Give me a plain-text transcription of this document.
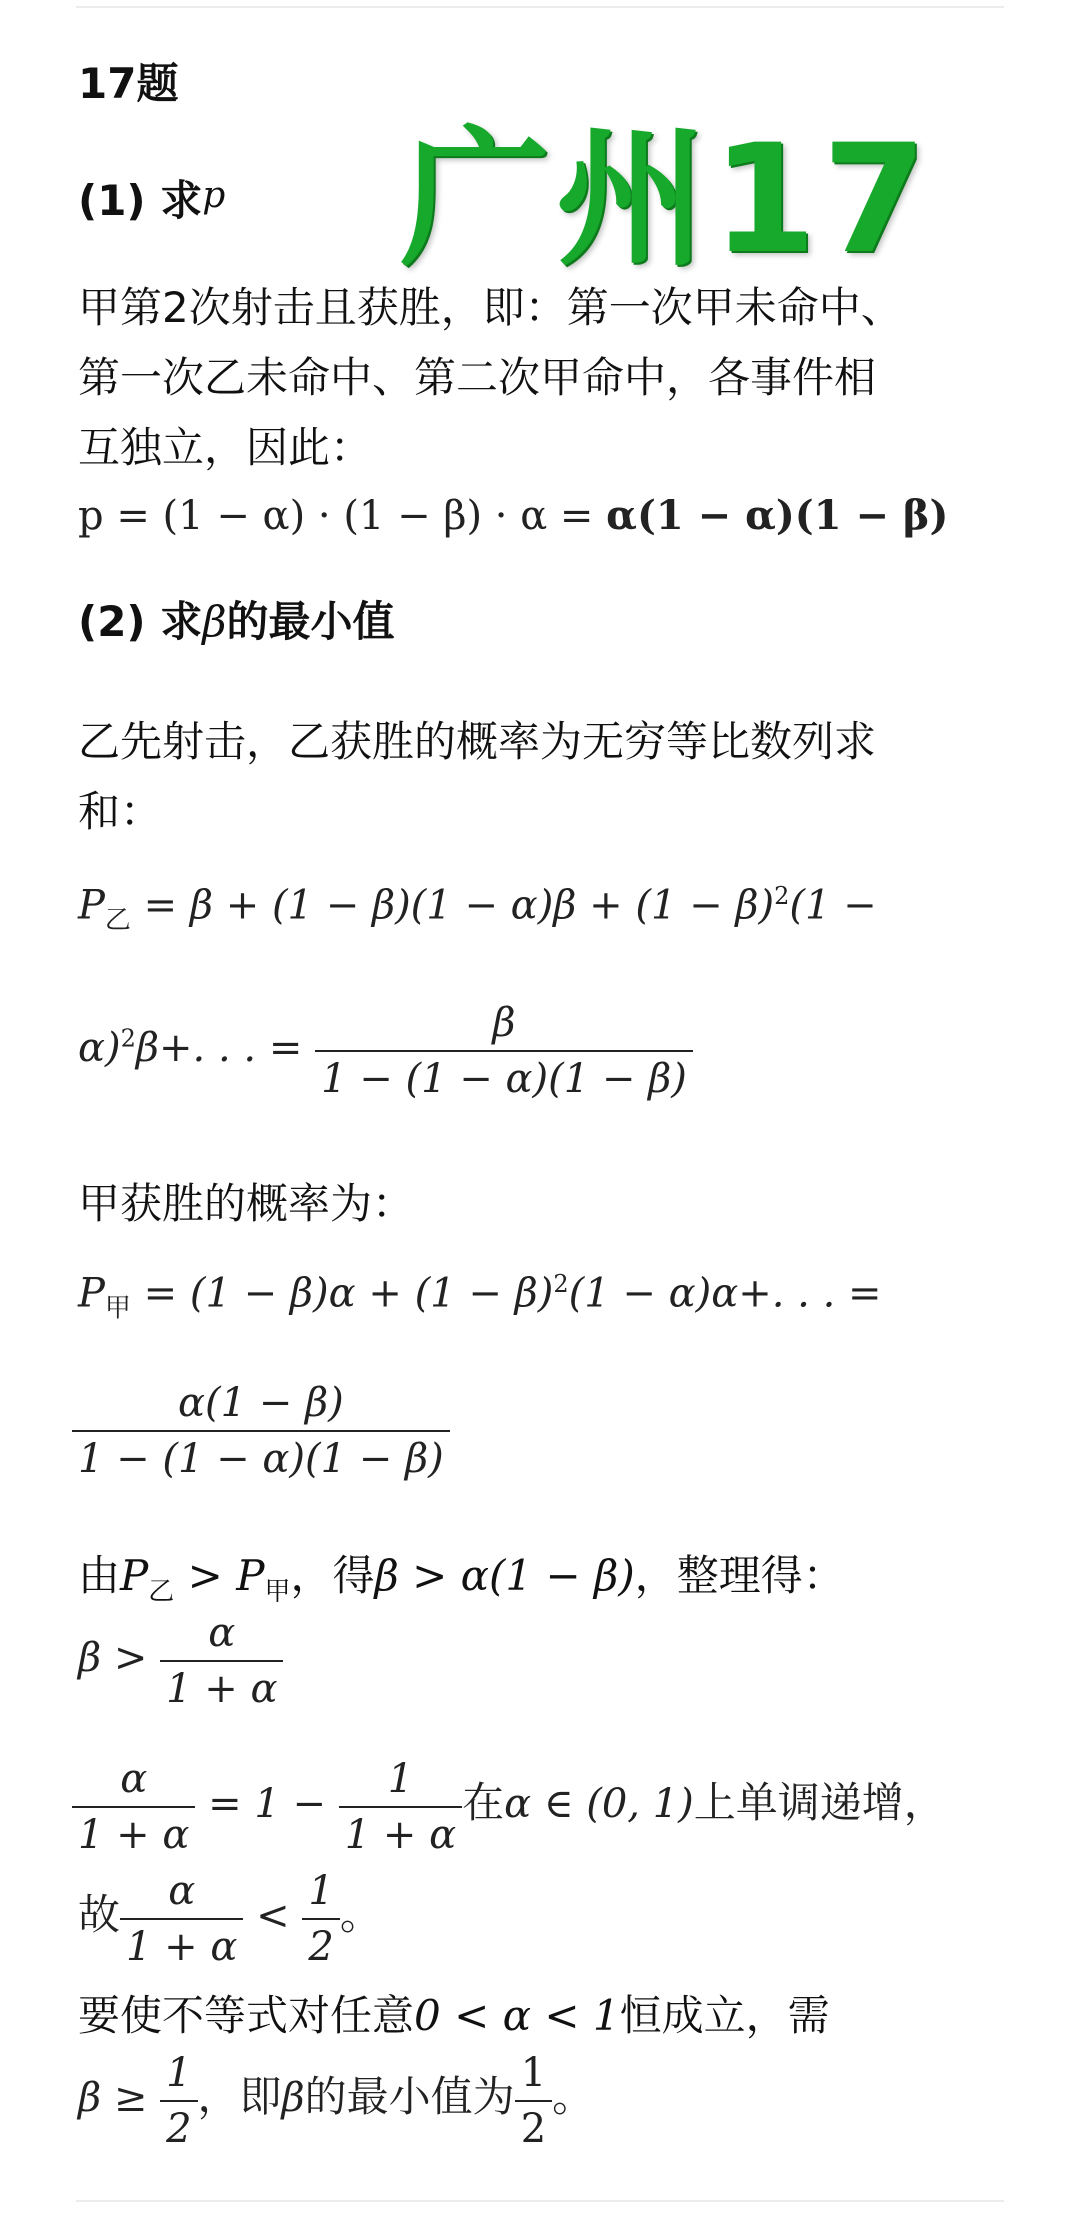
17题
广州17
(1) 求p
甲第2次射击且获胜，即：第一次甲未命中、
第一次乙未命中、第二次甲命中，各事件相
互独立，因此：
p = (1 − α) · (1 − β) · α = α(1 − α)(1 − β)
(2) 求β的最小值
乙先射击，乙获胜的概率为无穷等比数列求
和：
$P_乙 = \beta + (1 - \beta)(1 - \alpha)\beta + (1 - \beta)^2(1$ −
α)$^2$β+. . . = $\frac{\beta}{1 - (1 - \alpha)(1 - \beta)}$
甲获胜的概率为：
$P_甲 = (1 - \beta)\alpha + (1 - \beta)^2(1 - \alpha)\alpha+$. . . =
$\frac{\alpha(1 - \beta)}{1 - (1 - \alpha)(1 - \beta)}$
由$P_乙 > P_甲$，得β > α(1 − β)，整理得：
$\beta > \frac{\alpha}{1 + \alpha}$
$\frac{\alpha}{1 + \alpha} = 1 - \frac{1}{1 + \alpha}$ 在α ∈ (0, 1)上单调递增，
故 $\frac{\alpha}{1 + \alpha} < \frac{1}{2}$ 。
要使不等式对任意0 < α < 1恒成立，需
$\beta \ge \frac{1}{2}$ ，即β的最小值为 $\frac{1}{2}$ 。
